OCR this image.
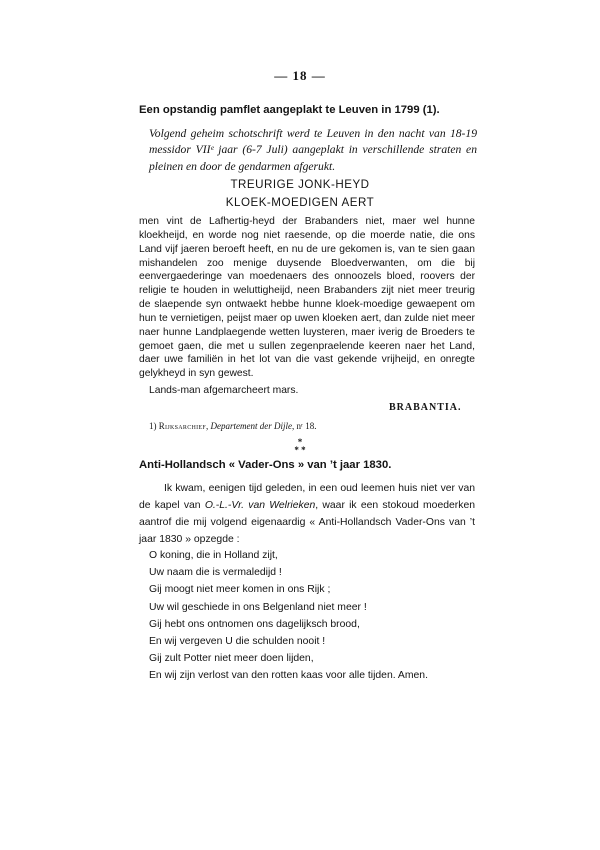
— 18 —
Een opstandig pamflet aangeplakt te Leuven in 1799 (1).
Volgend geheim schotschrift werd te Leuven in den nacht van 18-19 messidor VIIᵉ jaar (6-7 Juli) aangeplakt in verschillende straten en pleinen en door de gendarmen afgerukt.
TREURIGE JONK-HEYD
KLOEK-MOEDIGEN AERT
men vint de Lafhertig-heyd der Brabanders niet, maer wel hunne kloekheijd, en worde nog niet raesende, op die moerde natie, die ons Land vijf jaeren beroeft heeft, en nu de ure gekomen is, van te sien gaan mishandelen zoo menige duysende Bloedverwanten, om die bij eenvergaederinge van moedenaers des onnoozels bloed, roovers der religie te houden in weluttigheijd, neen Brabanders zijt niet meer treurig de slaepende syn ontwaekt hebbe hunne kloek-moedige gewaepent om hun te vernietigen, peijst maer op uwen kloeken aert, dan zulde niet meer naer hunne Landplaegende wetten luysteren, maer iverig de Broeders te gemoet gaen, die met u sullen zegenpraelende keeren naer het Land, daer uwe familiën in het lot van die vast gekende vrijheijd, en onregte gelykheyd in syn gewest.
Lands-man afgemarcheert mars.
BRABANTIA.
1) Rijksarchief, Departement der Dijle, nʳ 18.
*
* *
Anti-Hollandsch « Vader-Ons » van ’t jaar 1830.

Ik kwam, eenigen tijd geleden, in een oud leemen huis niet ver van de kapel van O.-L.-Vr. van Welrieken, waar ik een stokoud moederken aantrof die mij volgend eigenaardig « Anti-Hollandsch Vader-Ons van ’t jaar 1830 » opzegde :

O koning, die in Holland zijt,
Uw naam die is vermaledijd !
Gij moogt niet meer komen in ons Rijk ;
Uw wil geschiede in ons Belgenland niet meer !
Gij hebt ons ontnomen ons dagelijksch brood,
En wij vergeven U die schulden nooit !
Gij zult Potter niet meer doen lijden,
En wij zijn verlost van den rotten kaas voor alle tijden. Amen.
